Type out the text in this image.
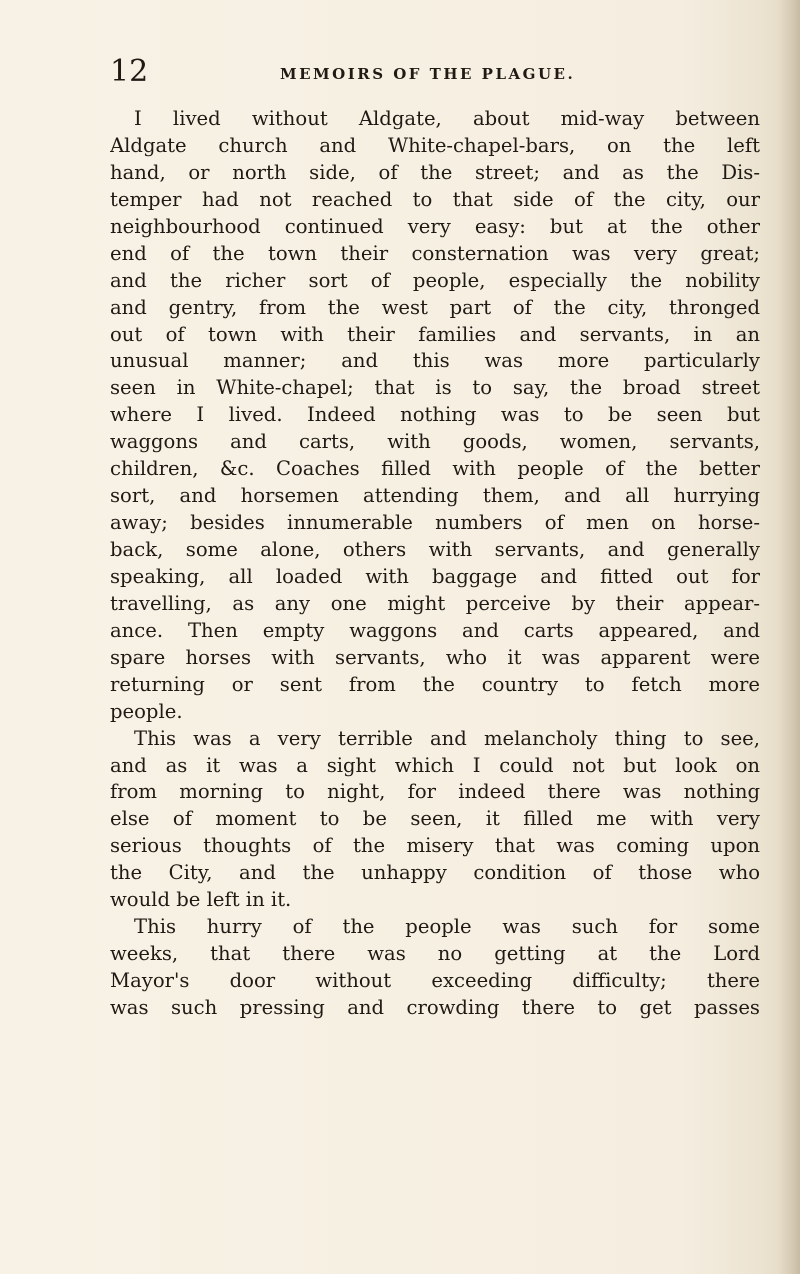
12	MEMOIRS OF THE PLAGUE.
I lived without Aldgate, about mid-way between
Aldgate church and White-chapel-bars, on the left
hand, or north side, of the street; and as the Dis-
temper had not reached to that side of the city, our
neighbourhood continued very easy: but at the other
end of the town their consternation was very great;
and the richer sort of people, especially the nobility
and gentry, from the west part of the city, thronged
out of town with their families and servants, in an
unusual manner; and this was more particularly
seen in White-chapel; that is to say, the broad street
where I lived. Indeed nothing was to be seen but
waggons and carts, with goods, women, servants,
children, &c. Coaches filled with people of the better
sort, and horsemen attending them, and all hurrying
away; besides innumerable numbers of men on horse-
back, some alone, others with servants, and generally
speaking, all loaded with baggage and fitted out for
travelling, as any one might perceive by their appear-
ance. Then empty waggons and carts appeared, and
spare horses with servants, who it was apparent were
returning or sent from the country to fetch more
people.
This was a very terrible and melancholy thing to see,
and as it was a sight which I could not but look on
from morning to night, for indeed there was nothing
else of moment to be seen, it filled me with very
serious thoughts of the misery that was coming upon
the City, and the unhappy condition of those who
would be left in it.
This hurry of the people was such for some
weeks, that there was no getting at the Lord
Mayor's door without exceeding difficulty; there
was such pressing and crowding there to get passes
